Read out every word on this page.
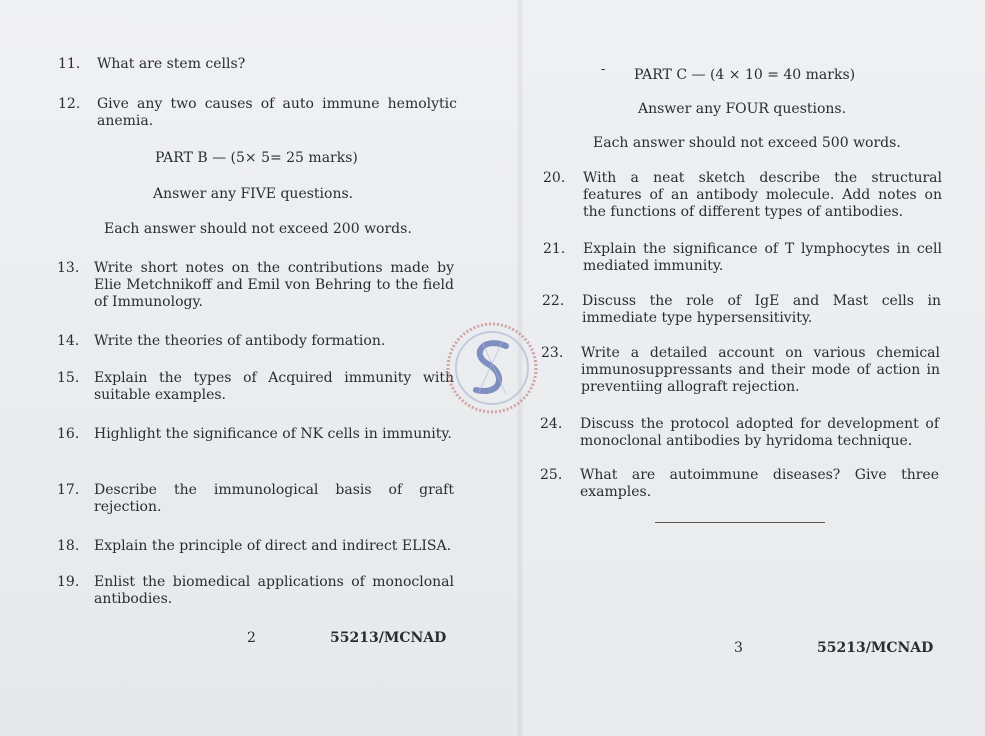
11. What are stem cells?
12. Give any two causes of auto immune hemolytic anemia.
PART B — (5× 5= 25 marks)
Answer any FIVE questions.
Each answer should not exceed 200 words.
13. Write short notes on the contributions made by Elie Metchnikoff and Emil von Behring to the field of Immunology.
14. Write the theories of antibody formation.
15. Explain the types of Acquired immunity with suitable examples.
16. Highlight the significance of NK cells in immunity.
17. Describe the immunological basis of graft rejection.
18. Explain the principle of direct and indirect ELISA.
19. Enlist the biomedical applications of monoclonal antibodies.
2	55213/MCNAD
- PART C — (4 × 10 = 40 marks)
Answer any FOUR questions.
Each answer should not exceed 500 words.
20. With a neat sketch describe the structural features of an antibody molecule. Add notes on the functions of different types of antibodies.
21. Explain the significance of T lymphocytes in cell mediated immunity.
22. Discuss the role of IgE and Mast cells in immediate type hypersensitivity.
23. Write a detailed account on various chemical immunosuppressants and their mode of action in preventiing allograft rejection.
24. Discuss the protocol adopted for development of monoclonal antibodies by hyridoma technique.
25. What are autoimmune diseases? Give three examples.
3	55213/MCNAD
